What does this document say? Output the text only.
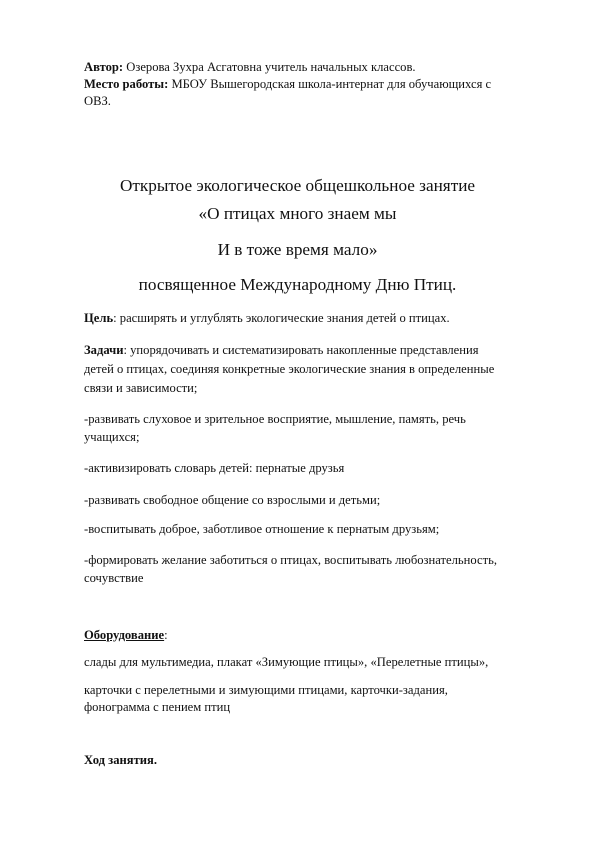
Автор: Озерова Зухра Асгатовна учитель начальных классов.
Место работы: МБОУ Вышегородская школа-интернат для обучающихся с
ОВЗ.
Открытое экологическое общешкольное занятие
«О птицах много знаем мы
И в тоже время мало»
посвященное Международному Дню Птиц.
Цель: расширять и углублять экологические знания детей о птицах.
Задачи: упорядочивать и систематизировать накопленные представления
детей о птицах, соединяя конкретные экологические знания в определенные
связи и зависимости;
-развивать слуховое и зрительное восприятие, мышление, память, речь
учащихся;
-активизировать словарь детей: пернатые друзья
-развивать свободное общение со взрослыми и детьми;
-воспитывать доброе, заботливое отношение к пернатым друзьям;
-формировать желание заботиться о птицах, воспитывать любознательность,
сочувствие
Оборудование:
слады для мультимедиа, плакат «Зимующие птицы», «Перелетные птицы»,
карточки с перелетными и зимующими птицами, карточки-задания,
фонограмма с пением птиц
Ход занятия.
